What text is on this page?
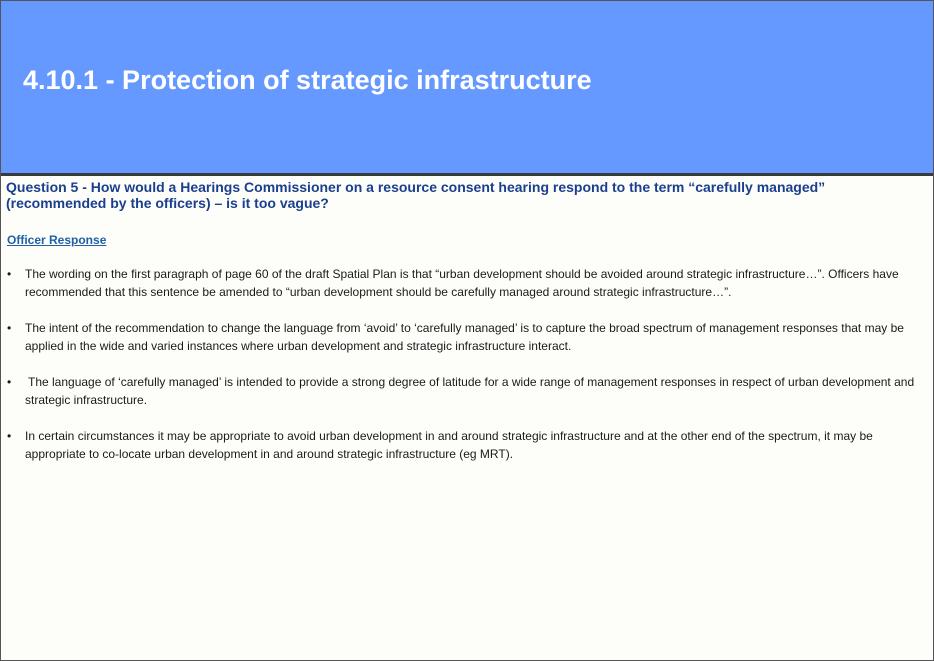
4.10.1 - Protection of strategic infrastructure

Question 5 - How would a Hearings Commissioner on a resource consent hearing respond to the term “carefully managed” (recommended by the officers) – is it too vague?

Officer Response

• The wording on the first paragraph of page 60 of the draft Spatial Plan is that “urban development should be avoided around strategic infrastructure…”. Officers have recommended that this sentence be amended to “urban development should be carefully managed around strategic infrastructure…”.
• The intent of the recommendation to change the language from ‘avoid’ to ‘carefully managed’ is to capture the broad spectrum of management responses that may be applied in the wide and varied instances where urban development and strategic infrastructure interact.
• The language of ‘carefully managed’ is intended to provide a strong degree of latitude for a wide range of management responses in respect of urban development and strategic infrastructure.
• In certain circumstances it may be appropriate to avoid urban development in and around strategic infrastructure and at the other end of the spectrum, it may be appropriate to co-locate urban development in and around strategic infrastructure (eg MRT).
